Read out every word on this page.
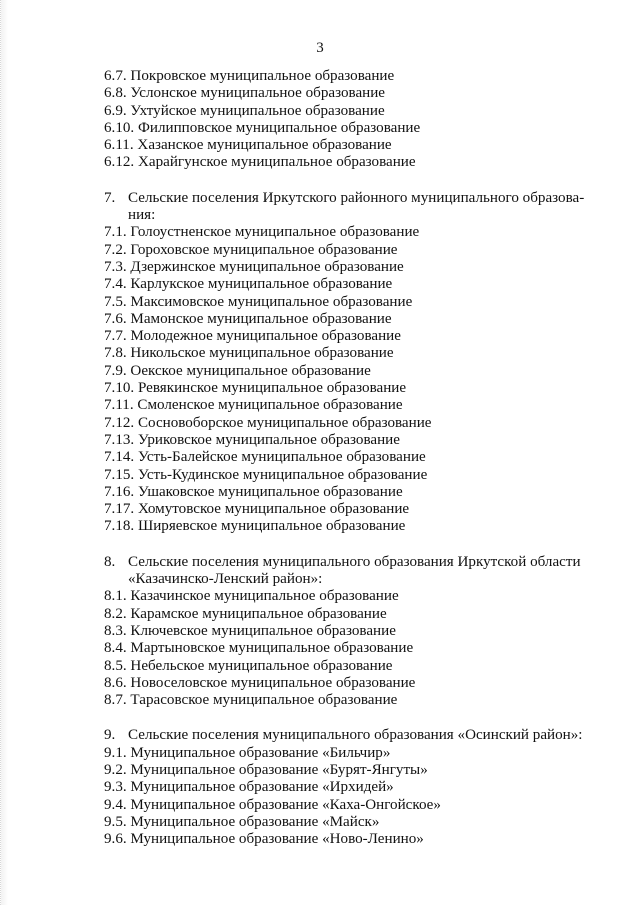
3
6.7. Покровское муниципальное образование
6.8. Услонское муниципальное образование
6.9. Ухтуйское муниципальное образование
6.10. Филипповское муниципальное образование
6.11. Хазанское муниципальное образование
6.12. Харайгунское муниципальное образование
7. Сельские поселения Иркутского районного муниципального образова-
ния:
7.1. Голоустненское муниципальное образование
7.2. Гороховское муниципальное образование
7.3. Дзержинское муниципальное образование
7.4. Карлукское муниципальное образование
7.5. Максимовское муниципальное образование
7.6. Мамонское муниципальное образование
7.7. Молодежное муниципальное образование
7.8. Никольское муниципальное образование
7.9. Оекское муниципальное образование
7.10. Ревякинское муниципальное образование
7.11. Смоленское муниципальное образование
7.12. Сосновоборское муниципальное образование
7.13. Уриковское муниципальное образование
7.14. Усть-Балейское муниципальное образование
7.15. Усть-Кудинское муниципальное образование
7.16. Ушаковское муниципальное образование
7.17. Хомутовское муниципальное образование
7.18. Ширяевское муниципальное образование
8. Сельские поселения муниципального образования Иркутской области
«Казачинско-Ленский район»:
8.1. Казачинское муниципальное образование
8.2. Карамское муниципальное образование
8.3. Ключевское муниципальное образование
8.4. Мартыновское муниципальное образование
8.5. Небельское муниципальное образование
8.6. Новоселовское муниципальное образование
8.7. Тарасовское муниципальное образование
9. Сельские поселения муниципального образования «Осинский район»:
9.1. Муниципальное образование «Бильчир»
9.2. Муниципальное образование «Бурят-Янгуты»
9.3. Муниципальное образование «Ирхидей»
9.4. Муниципальное образование «Каха-Онгойское»
9.5. Муниципальное образование «Майск»
9.6. Муниципальное образование «Ново-Ленино»
